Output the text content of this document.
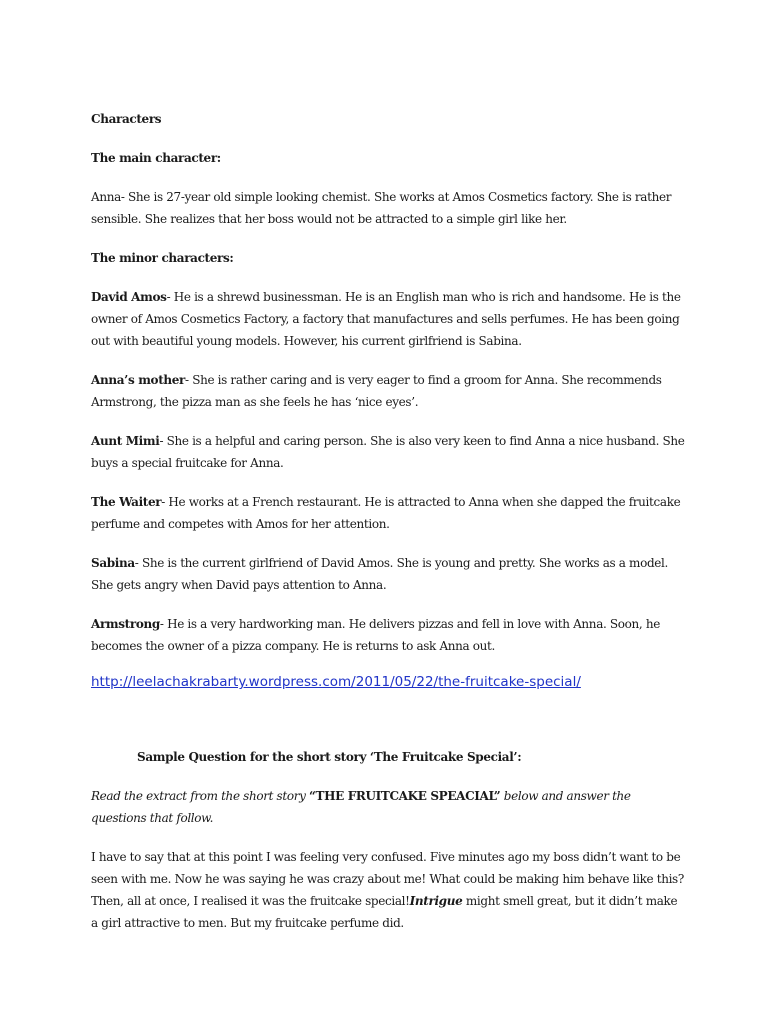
Characters

The main character:

Anna- She is 27-year old simple looking chemist. She works at Amos Cosmetics factory. She is rather sensible. She realizes that her boss would not be attracted to a simple girl like her.

The minor characters:

David Amos- He is a shrewd businessman. He is an English man who is rich and handsome. He is the owner of Amos Cosmetics Factory, a factory that manufactures and sells perfumes. He has been going out with beautiful young models. However, his current girlfriend is Sabina.

Anna’s mother- She is rather caring and is very eager to find a groom for Anna. She recommends Armstrong, the pizza man as she feels he has ‘nice eyes’.

Aunt Mimi- She is a helpful and caring person. She is also very keen to find Anna a nice husband. She buys a special fruitcake for Anna.

The Waiter- He works at a French restaurant. He is attracted to Anna when she dapped the fruitcake perfume and competes with Amos for her attention.

Sabina- She is the current girlfriend of David Amos. She is young and pretty. She works as a model. She gets angry when David pays attention to Anna.

Armstrong- He is a very hardworking man. He delivers pizzas and fell in love with Anna. Soon, he becomes the owner of a pizza company. He is returns to ask Anna out.

http://leelachakrabarty.wordpress.com/2011/05/22/the-fruitcake-special/

Sample Question for the short story ‘The Fruitcake Special’:

Read the extract from the short story “THE FRUITCAKE SPEACIAL” below and answer the questions that follow.

I have to say that at this point I was feeling very confused. Five minutes ago my boss didn’t want to be seen with me. Now he was saying he was crazy about me! What could be making him behave like this? Then, all at once, I realised it was the fruitcake special!Intrigue might smell great, but it didn’t make a girl attractive to men. But my fruitcake perfume did.
